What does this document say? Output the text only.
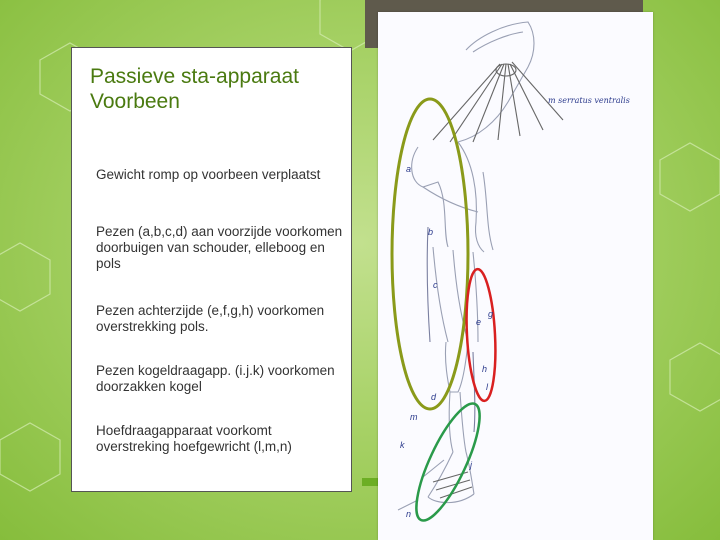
Passieve sta-apparaat Voorbeen
Gewicht romp op voorbeen verplaatst
Pezen (a,b,c,d) aan voorzijde voorkomen doorbuigen van schouder, elleboog en pols
Pezen achterzijde (e,f,g,h) voorkomen overstrekking pols.
Pezen kogeldraagapp. (i.j.k) voorkomen doorzakken kogel
Hoefdraagapparaat voorkomt overstreking hoefgewricht (l,m,n)
m serratus ventralis
a
b
c
d
e
g
h
j
k
l
m
n
